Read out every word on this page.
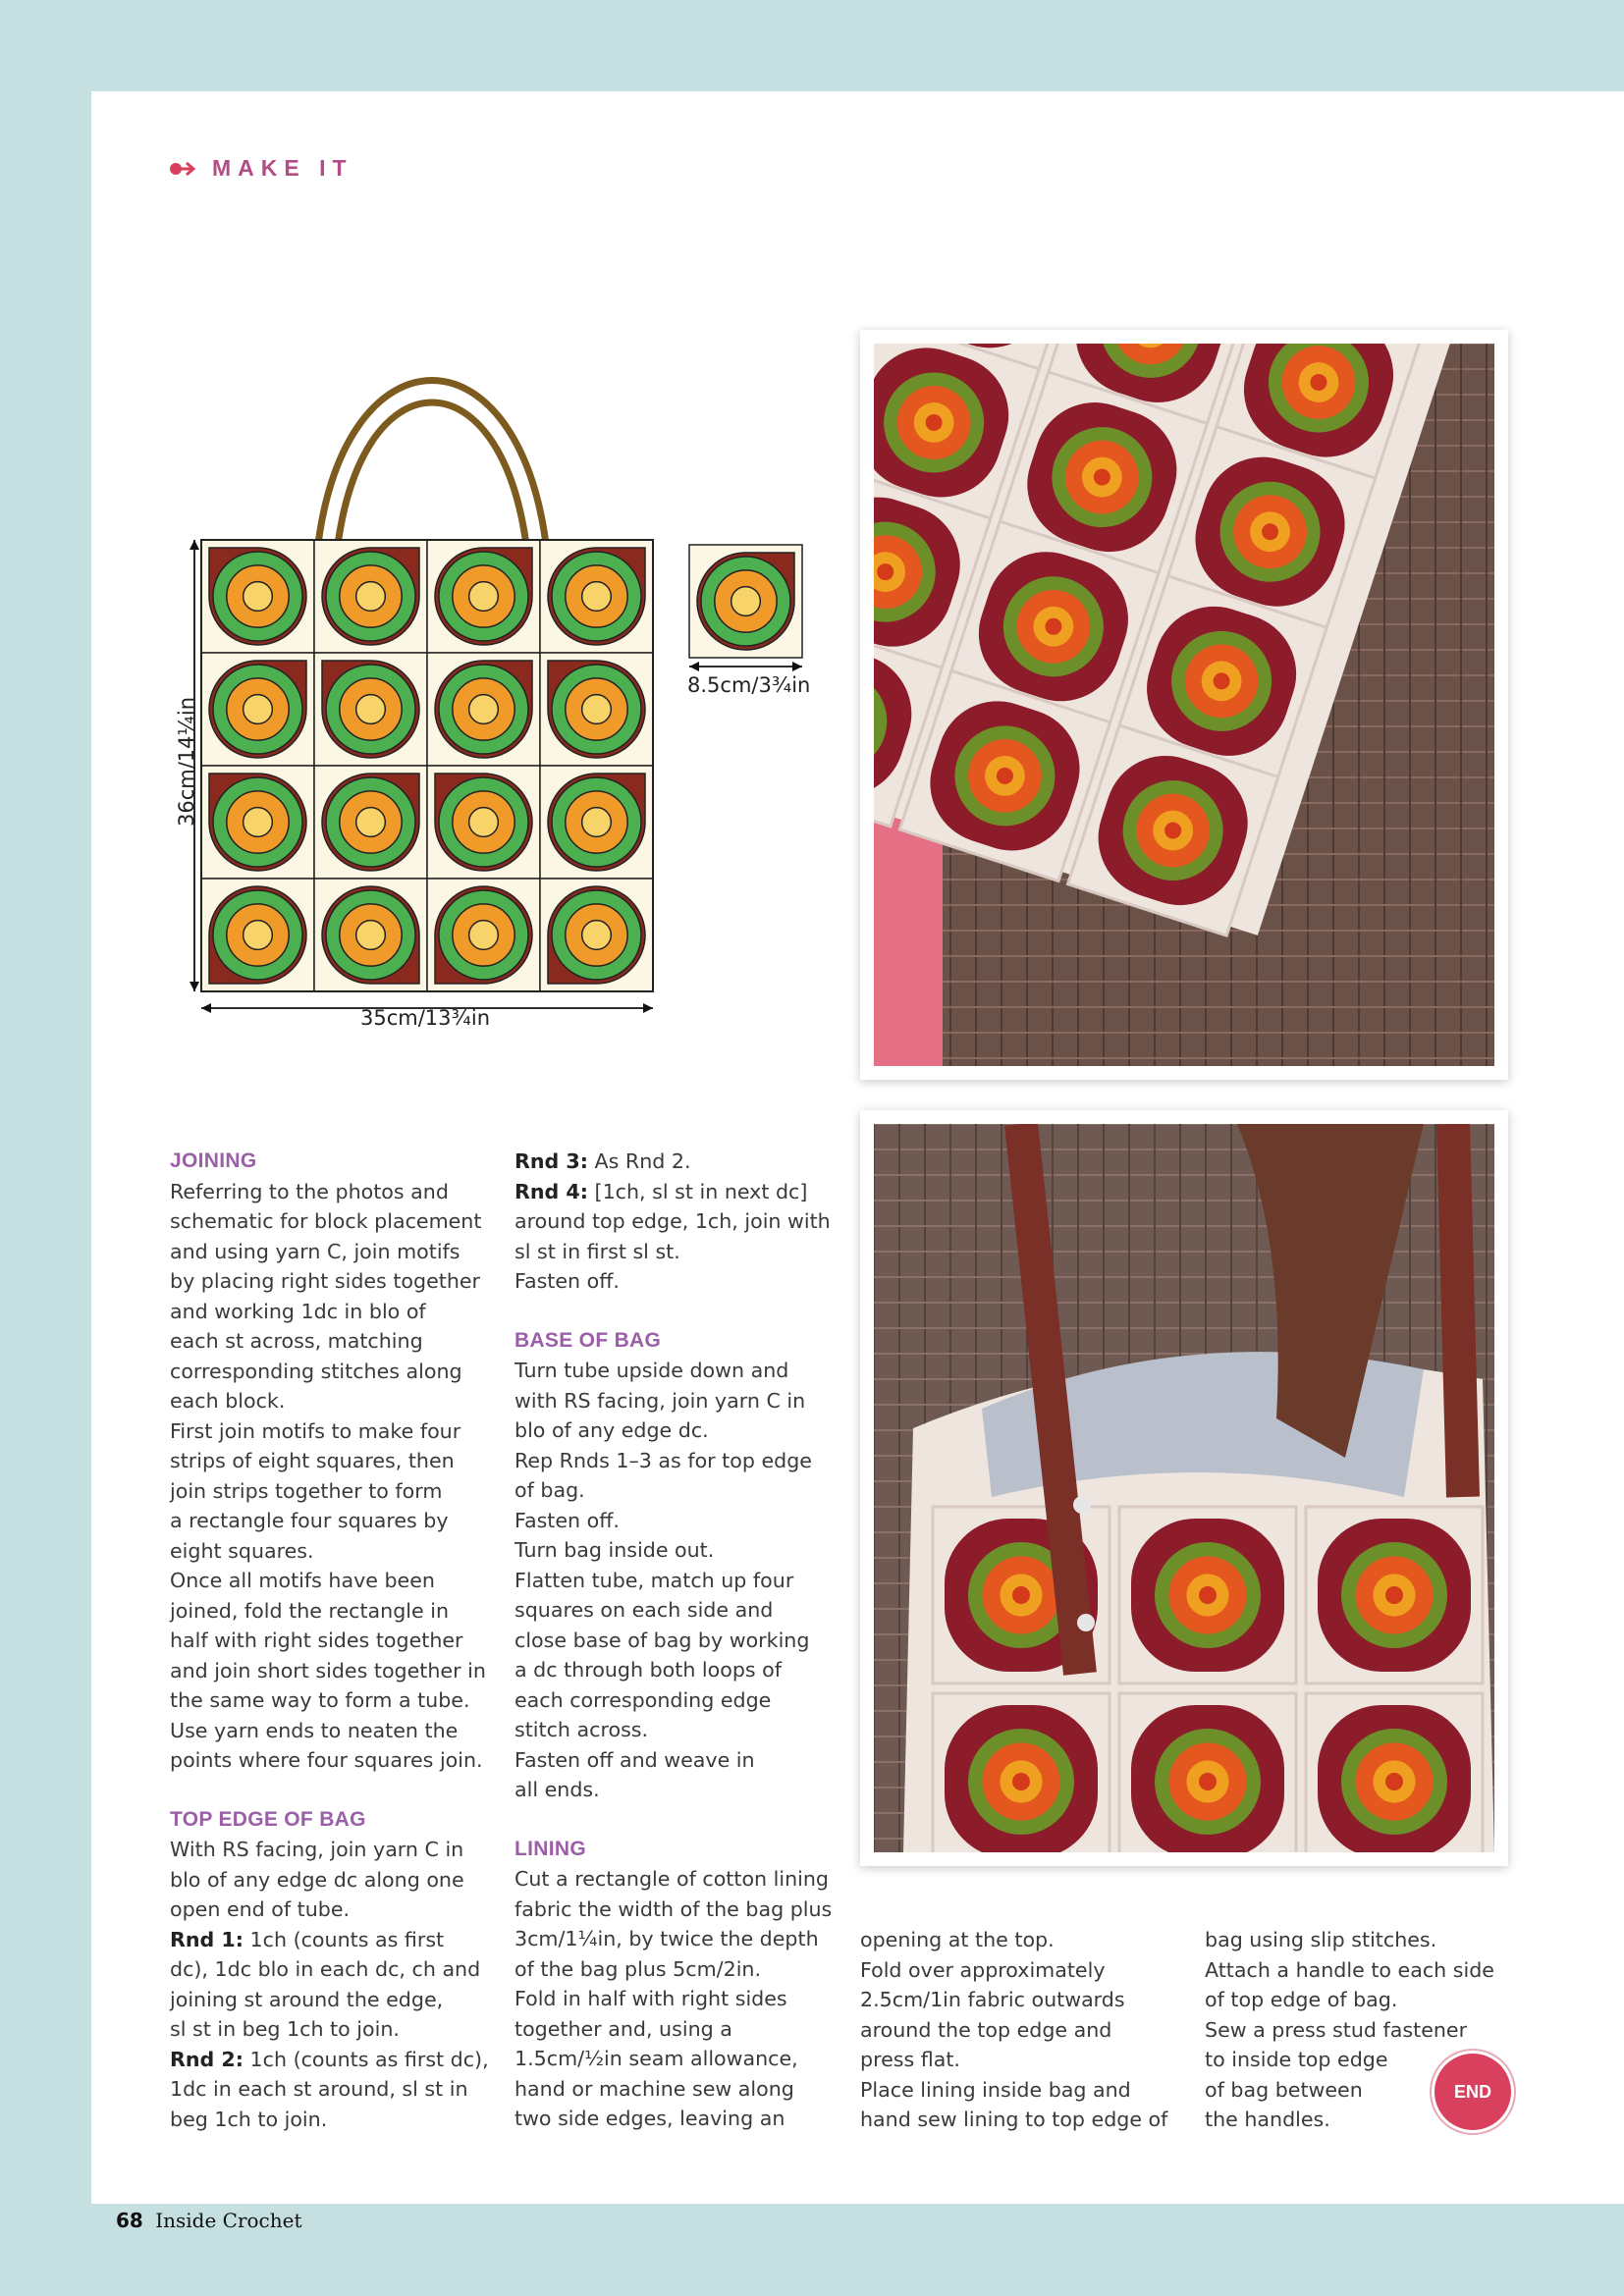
MAKE IT
35cm/13¾in
8.5cm/3¾in
36cm/14¼in

JOINING

Referring to the photos and

schematic for block placement

and using yarn C, join motifs

by placing right sides together

and working 1dc in blo of

each st across, matching

corresponding stitches along

each block.

First join motifs to make four

strips of eight squares, then

join strips together to form

a rectangle four squares by

eight squares.

Once all motifs have been

joined, fold the rectangle in

half with right sides together

and join short sides together in

the same way to form a tube.

Use yarn ends to neaten the

points where four squares join.

TOP EDGE OF BAG

With RS facing, join yarn C in

blo of any edge dc along one

open end of tube.

Rnd 1: 1ch (counts as first

dc), 1dc blo in each dc, ch and

joining st around the edge,

sl st in beg 1ch to join.

Rnd 2: 1ch (counts as first dc),

1dc in each st around, sl st in

beg 1ch to join.

Rnd 3: As Rnd 2.

Rnd 4: [1ch, sl st in next dc]

around top edge, 1ch, join with

sl st in first sl st.

Fasten off.

BASE OF BAG

Turn tube upside down and

with RS facing, join yarn C in

blo of any edge dc.

Rep Rnds 1–3 as for top edge

of bag.

Fasten off.

Turn bag inside out.

Flatten tube, match up four

squares on each side and

close base of bag by working

a dc through both loops of

each corresponding edge

stitch across.

Fasten off and weave in

all ends.

LINING

Cut a rectangle of cotton lining

fabric the width of the bag plus

3cm/1¼in, by twice the depth

of the bag plus 5cm/2in.

Fold in half with right sides

together and, using a

1.5cm/½in seam allowance,

hand or machine sew along

two side edges, leaving an

opening at the top.

Fold over approximately

2.5cm/1in fabric outwards

around the top edge and

press flat.

Place lining inside bag and

hand sew lining to top edge of

bag using slip stitches.

Attach a handle to each side

of top edge of bag.

Sew a press stud fastener

to inside top edge

of bag between

the handles.

END
68 Inside Crochet
